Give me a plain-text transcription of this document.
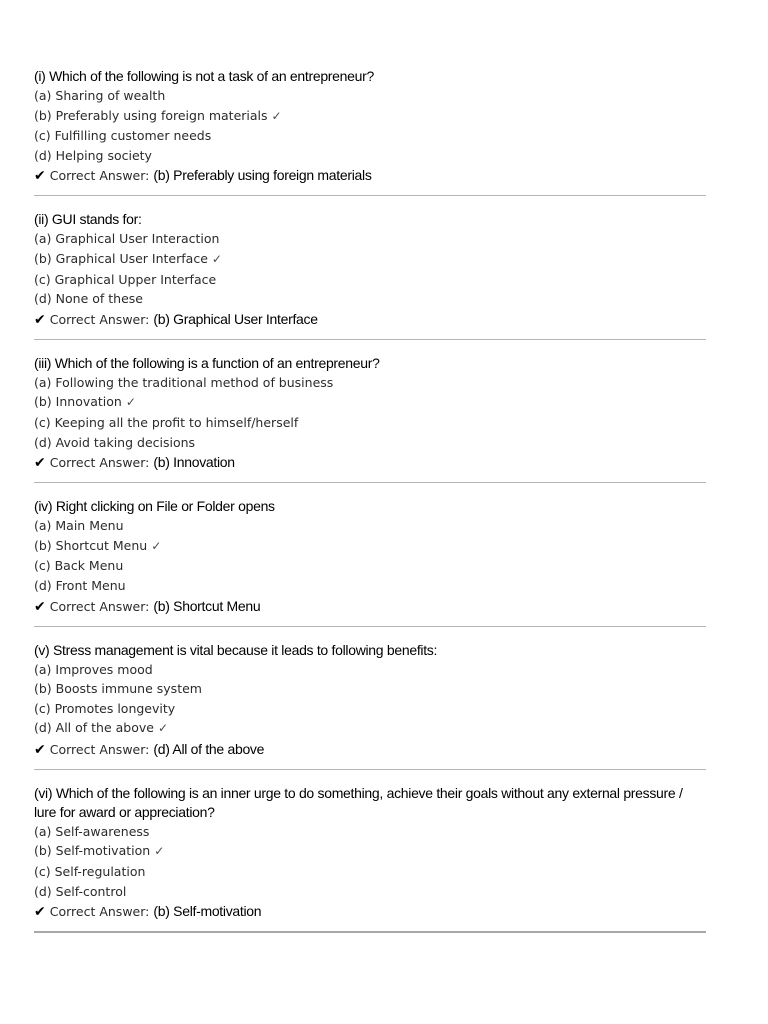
(i) Which of the following is not a task of an entrepreneur?
(a) Sharing of wealth
(b) Preferably using foreign materials ✓
(c) Fulfilling customer needs
(d) Helping society
✔ Correct Answer: (b) Preferably using foreign materials
(ii) GUI stands for:
(a) Graphical User Interaction
(b) Graphical User Interface ✓
(c) Graphical Upper Interface
(d) None of these
✔ Correct Answer: (b) Graphical User Interface
(iii) Which of the following is a function of an entrepreneur?
(a) Following the traditional method of business
(b) Innovation ✓
(c) Keeping all the profit to himself/herself
(d) Avoid taking decisions
✔ Correct Answer: (b) Innovation
(iv) Right clicking on File or Folder opens
(a) Main Menu
(b) Shortcut Menu ✓
(c) Back Menu
(d) Front Menu
✔ Correct Answer: (b) Shortcut Menu
(v) Stress management is vital because it leads to following benefits:
(a) Improves mood
(b) Boosts immune system
(c) Promotes longevity
(d) All of the above ✓
✔ Correct Answer: (d) All of the above
(vi) Which of the following is an inner urge to do something, achieve their goals without any external pressure / lure for award or appreciation?
(a) Self-awareness
(b) Self-motivation ✓
(c) Self-regulation
(d) Self-control
✔ Correct Answer: (b) Self-motivation
